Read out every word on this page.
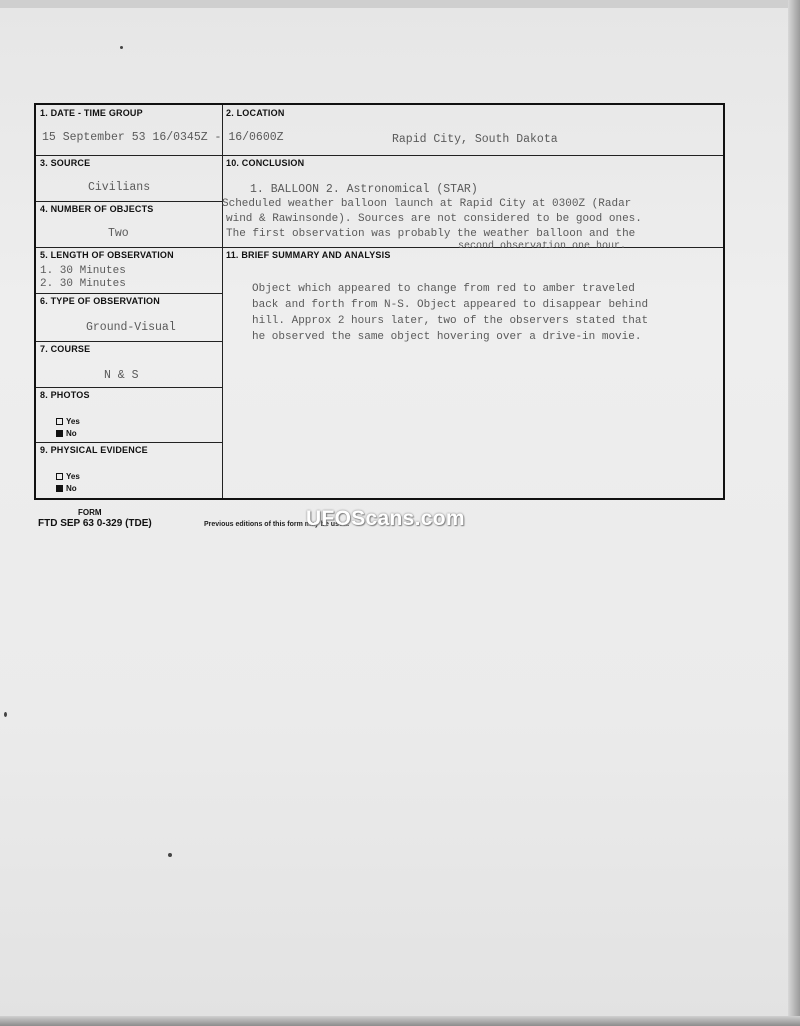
1. DATE - TIME GROUP
15 September 53 16/0345Z - 16/0600Z
2. LOCATION
Rapid City, South Dakota
3. SOURCE
Civilians
10. CONCLUSION
1. BALLOON 2. Astronomical (STAR)
Scheduled weather balloon launch at Rapid City at 0300Z (Radar
wind & Rawinsonde). Sources are not considered to be good ones.
The first observation was probably the weather balloon and the
second observation one hour.
4. NUMBER OF OBJECTS
Two
5. LENGTH OF OBSERVATION
1. 30 Minutes
2. 30 Minutes
11. BRIEF SUMMARY AND ANALYSIS
Object which appeared to change from red to amber traveled
back and forth from N-S. Object appeared to disappear behind
hill. Approx 2 hours later, two of the observers stated that
he observed the same object hovering over a drive-in movie.
6. TYPE OF OBSERVATION
Ground-Visual
7. COURSE
N & S
8. PHOTOS
Yes
No
9. PHYSICAL EVIDENCE
Yes
No
FORM
FTD SEP 63 0-329 (TDE)	Previous editions of this form may be used.
UFOScans.com
